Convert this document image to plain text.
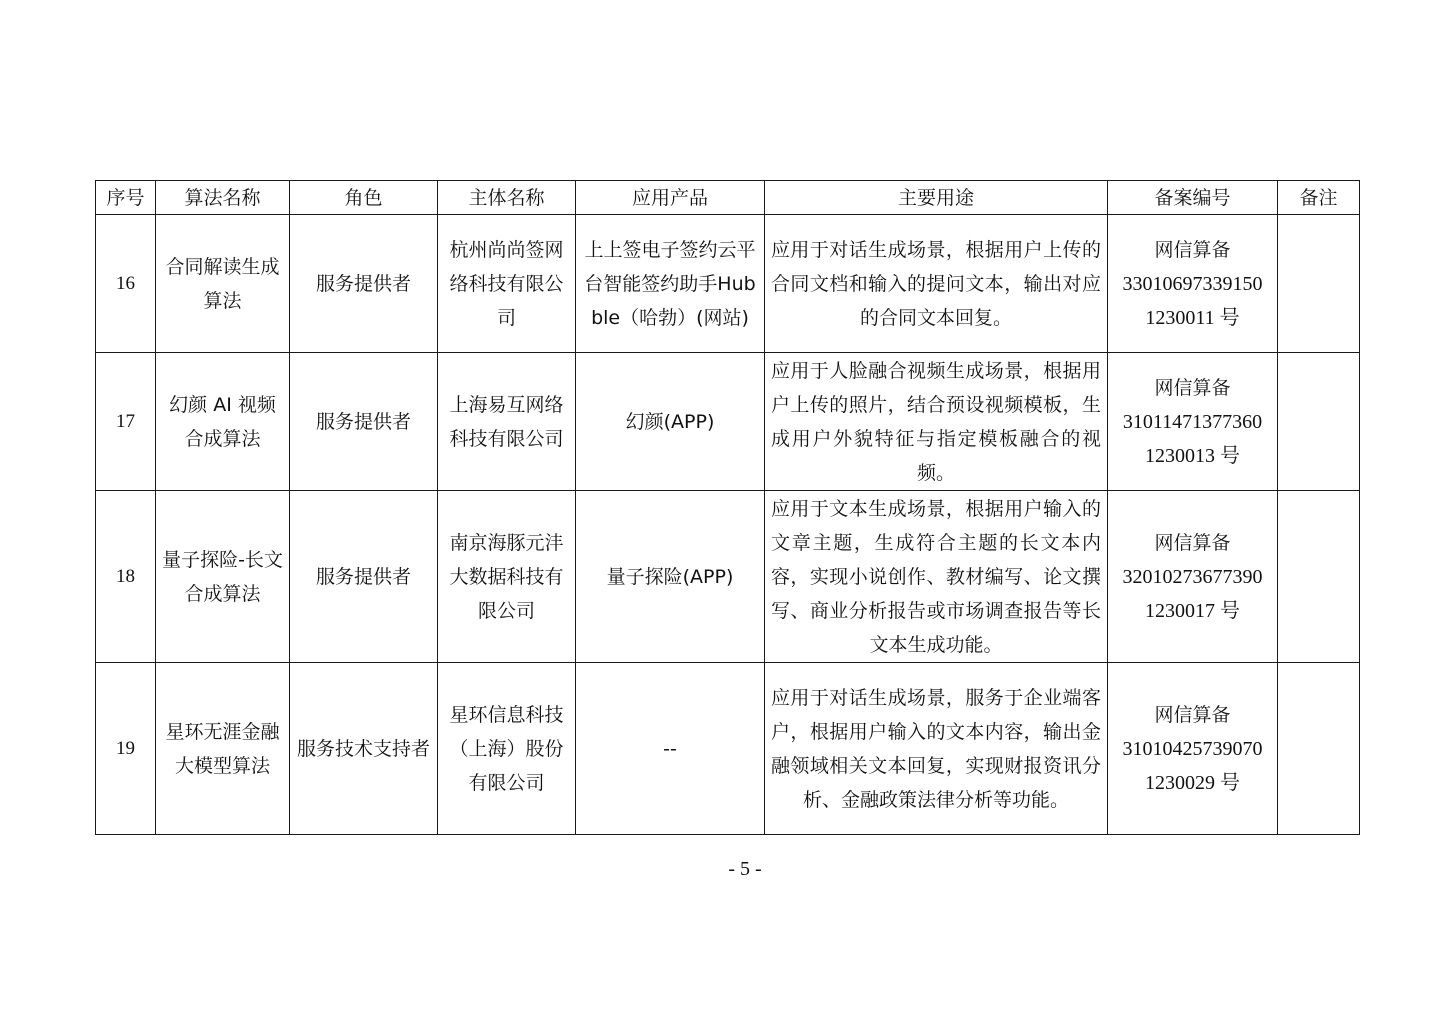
序号	算法名称	角色	主体名称	应用产品	主要用途	备案编号	备注
16	合同解读生成算法	服务提供者	杭州尚尚签网络科技有限公司	上上签电子签约云平台智能签约助手Hubble（哈勃）(网站)	应用于对话生成场景，根据用户上传的合同文档和输入的提问文本，输出对应的合同文本回复。	网信算备
33010697339150
1230011 号	

17	幻颜 AI 视频合成算法	服务提供者	上海易互网络科技有限公司	幻颜(APP)	应用于人脸融合视频生成场景，根据用户上传的照片，结合预设视频模板，生成用户外貌特征与指定模板融合的视频。	网信算备
31011471377360
1230013 号	

18	量子探险-长文合成算法	服务提供者	南京海豚元沣大数据科技有限公司	量子探险(APP)	应用于文本生成场景，根据用户输入的文章主题，生成符合主题的长文本内容，实现小说创作、教材编写、论文撰写、商业分析报告或市场调查报告等长文本生成功能。	网信算备
32010273677390
1230017 号	

19	星环无涯金融大模型算法	服务技术支持者	星环信息科技（上海）股份有限公司	--	应用于对话生成场景，服务于企业端客户，根据用户输入的文本内容，输出金融领域相关文本回复，实现财报资讯分析、金融政策法律分析等功能。	网信算备
31010425739070
1230029 号	

- 5 -
